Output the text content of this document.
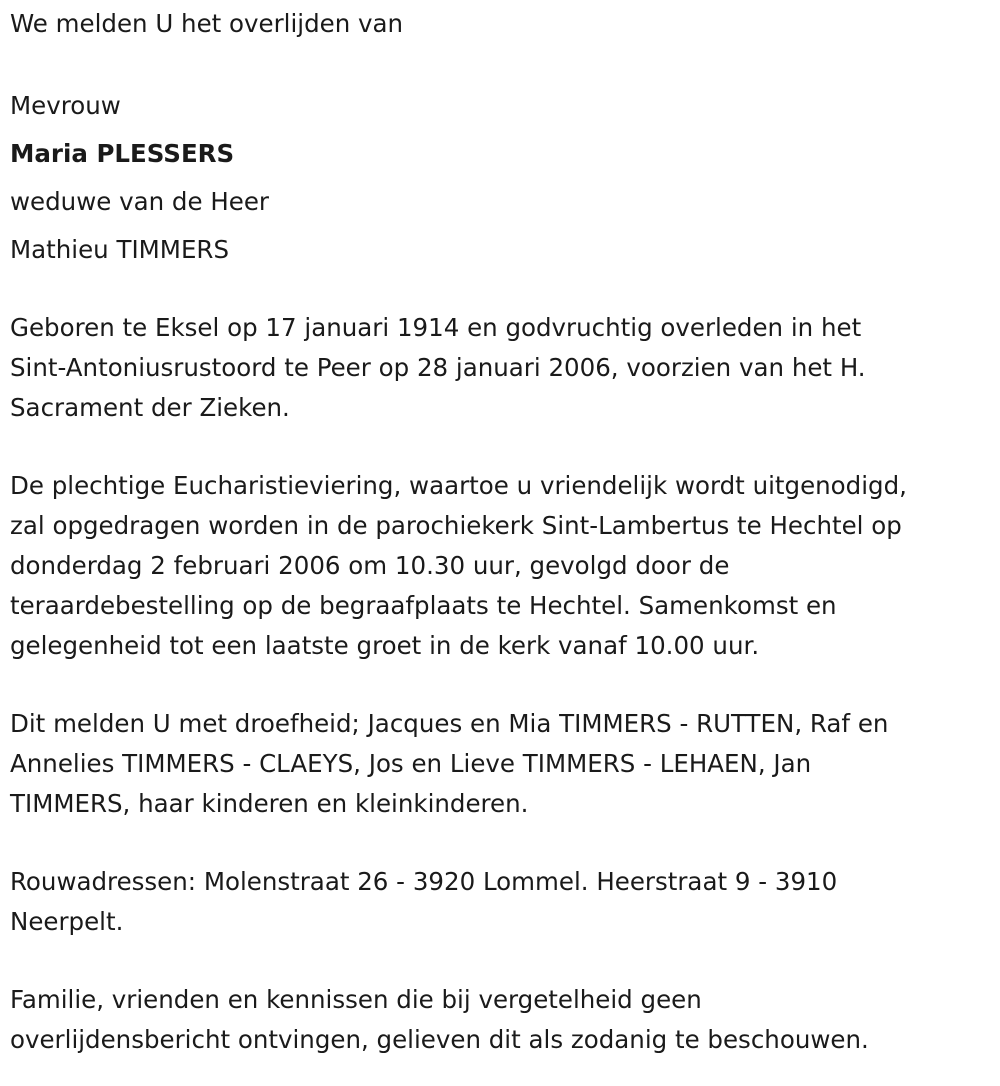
We melden U het overlijden van

Mevrouw

Maria PLESSERS

weduwe van de Heer

Mathieu TIMMERS

Geboren te Eksel op 17 januari 1914 en godvruchtig overleden in het

Sint-Antoniusrustoord te Peer op 28 januari 2006, voorzien van het H.

Sacrament der Zieken.

De plechtige Eucharistieviering, waartoe u vriendelijk wordt uitgenodigd,

zal opgedragen worden in de parochiekerk Sint-Lambertus te Hechtel op

donderdag 2 februari 2006 om 10.30 uur, gevolgd door de

teraardebestelling op de begraafplaats te Hechtel. Samenkomst en

gelegenheid tot een laatste groet in de kerk vanaf 10.00 uur.

Dit melden U met droefheid; Jacques en Mia TIMMERS - RUTTEN, Raf en

Annelies TIMMERS - CLAEYS, Jos en Lieve TIMMERS - LEHAEN, Jan

TIMMERS, haar kinderen en kleinkinderen.

Rouwadressen: Molenstraat 26 - 3920 Lommel. Heerstraat 9 - 3910

Neerpelt.

Familie, vrienden en kennissen die bij vergetelheid geen

overlijdensbericht ontvingen, gelieven dit als zodanig te beschouwen.
